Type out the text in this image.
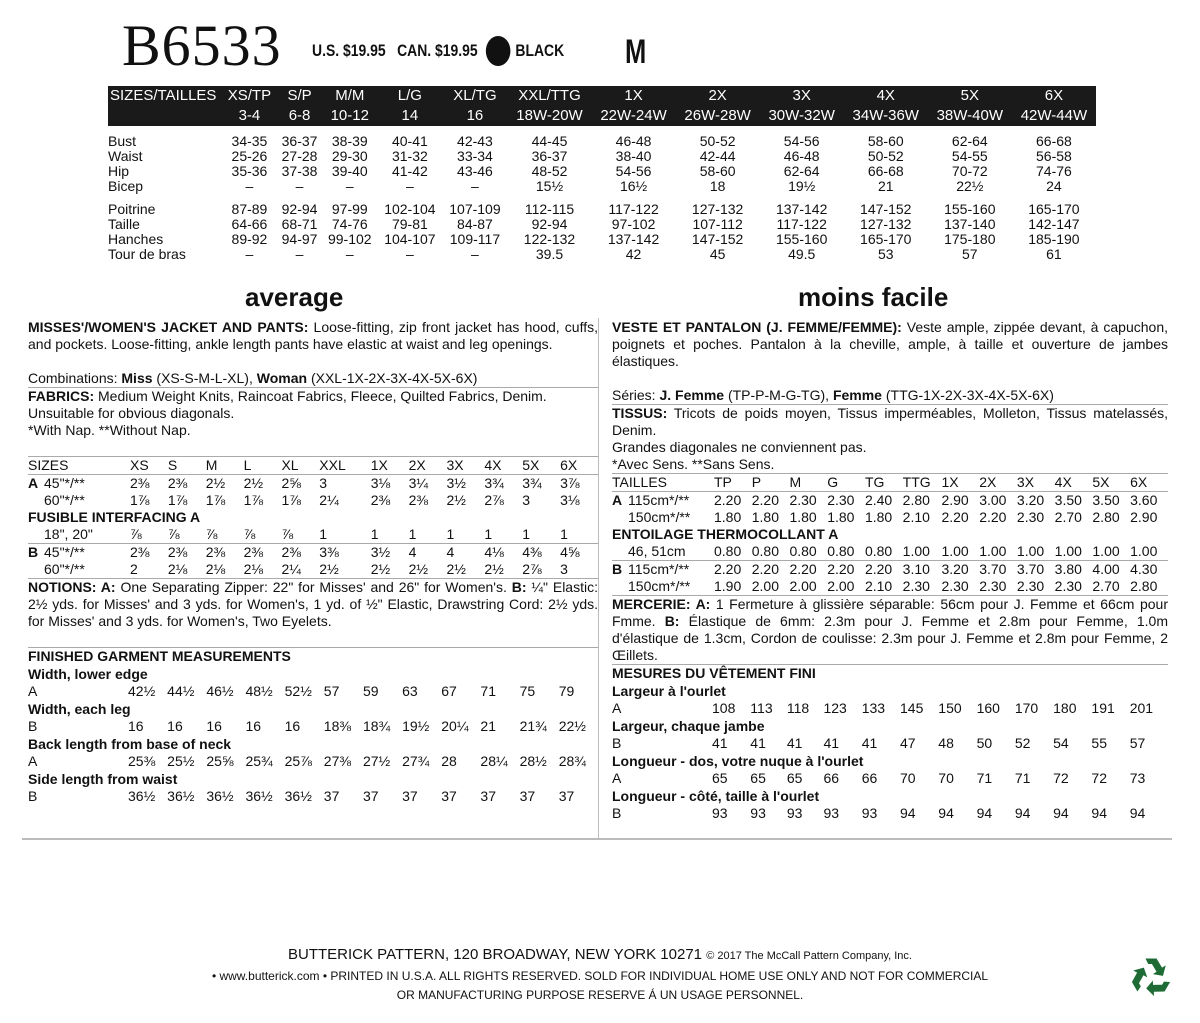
B6533 U.S. $19.95 CAN. $19.95 BLACK M
SIZES/TAILLES	XS/TP	S/P	M/M	L/G	XL/TG	XXL/TTG	1X	2X	3X	4X	5X	6X
	3-4	6-8	10-12	14	16	18W-20W	22W-24W	26W-28W	30W-32W	34W-36W	38W-40W	42W-44W

Bust	34-35	36-37	38-39	40-41	42-43	44-45	46-48	50-52	54-56	58-60	62-64	66-68
Waist	25-26	27-28	29-30	31-32	33-34	36-37	38-40	42-44	46-48	50-52	54-55	56-58
Hip	35-36	37-38	39-40	41-42	43-46	48-52	54-56	58-60	62-64	66-68	70-72	74-76
Bicep	–	–	–	–	–	15½	16½	18	19½	21	22½	24

Poitrine	87-89	92-94	97-99	102-104	107-109	112-115	117-122	127-132	137-142	147-152	155-160	165-170
Taille	64-66	68-71	74-76	79-81	84-87	92-94	97-102	107-112	117-122	127-132	137-140	142-147
Hanches	89-92	94-97	99-102	104-107	109-117	122-132	137-142	147-152	155-160	165-170	175-180	185-190
Tour de bras	–	–	–	–	–	39.5	42	45	49.5	53	57	61
average	moins facile

MISSES'/WOMEN'S JACKET AND PANTS: Loose-fitting, zip front jacket has hood, cuffs, and pockets. Loose-fitting, ankle length pants have elastic at waist and leg openings.

Combinations: Miss (XS-S-M-L-XL), Woman (XXL-1X-2X-3X-4X-5X-6X)

FABRICS: Medium Weight Knits, Raincoat Fabrics, Fleece, Quilted Fabrics, Denim.

Unsuitable for obvious diagonals.
*With Nap. **Without Nap.
SIZES		XS	S	M	L	XL	XXL	1X	2X	3X	4X	5X	6X
A	45"*/**	2⅜	2⅜	2½	2½	2⅝	3	3⅛	3¼	3½	3¾	3¾	3⅞
	60"*/**	1⅞	1⅞	1⅞	1⅞	1⅞	2¼	2⅜	2⅜	2½	2⅞	3	3⅛
FUSIBLE INTERFACING A													
	18", 20"	⅞	⅞	⅞	⅞	⅞	1	1	1	1	1	1	1
B	45"*/**	2⅜	2⅜	2⅜	2⅜	2⅜	3⅜	3½	4	4	4⅛	4⅜	4⅝
	60"*/**	2	2⅛	2⅛	2⅛	2¼	2½	2½	2½	2½	2½	2⅞	3

NOTIONS: A: One Separating Zipper: 22" for Misses' and 26" for Women's. B: ¼" Elastic: 2½ yds. for Misses' and 3 yds. for Women's, 1 yd. of ½" Elastic, Drawstring Cord: 2½ yds. for Misses' and 3 yds. for Women's, Two Eyelets.

FINISHED GARMENT MEASUREMENTS												
Width, lower edge												
A	42½	44½	46½	48½	52½	57	59	63	67	71	75	79
Width, each leg												
B	16	16	16	16	16	18⅜	18¾	19½	20¼	21	21¾	22½
Back length from base of neck												
A	25⅜	25½	25⅝	25¾	25⅞	27⅜	27½	27¾	28	28¼	28½	28¾
Side length from waist												
B	36½	36½	36½	36½	36½	37	37	37	37	37	37	37

VESTE ET PANTALON (J. FEMME/FEMME): Veste ample, zippée devant, à capuchon, poignets et poches. Pantalon à la cheville, ample, à taille et ouverture de jambes élastiques.

Séries: J. Femme (TP-P-M-G-TG), Femme (TTG-1X-2X-3X-4X-5X-6X)

TISSUS: Tricots de poids moyen, Tissus imperméables, Molleton, Tissus matelassés, Denim.

Grandes diagonales ne conviennent pas.
*Avec Sens. **Sans Sens.
TAILLES		TP	P	M	G	TG	TTG	1X	2X	3X	4X	5X	6X
A	115cm*/**	2.20	2.20	2.30	2.30	2.40	2.80	2.90	3.00	3.20	3.50	3.50	3.60
	150cm*/**	1.80	1.80	1.80	1.80	1.80	2.10	2.20	2.20	2.30	2.70	2.80	2.90
ENTOILAGE THERMOCOLLANT A													
	46, 51cm	0.80	0.80	0.80	0.80	0.80	1.00	1.00	1.00	1.00	1.00	1.00	1.00
B	115cm*/**	2.20	2.20	2.20	2.20	2.20	3.10	3.20	3.70	3.70	3.80	4.00	4.30
	150cm*/**	1.90	2.00	2.00	2.00	2.10	2.30	2.30	2.30	2.30	2.30	2.70	2.80

MERCERIE: A: 1 Fermeture à glissière séparable: 56cm pour J. Femme et 66cm pour Fmme. B: Élastique de 6mm: 2.3m pour J. Femme et 2.8m pour Femme, 1.0m d'élastique de 1.3cm, Cordon de coulisse: 2.3m pour J. Femme et 2.8m pour Femme, 2 Œillets.

MESURES DU VÊTEMENT FINI												
Largeur à l'ourlet												
A	108	113	118	123	133	145	150	160	170	180	191	201
Largeur, chaque jambe												
B	41	41	41	41	41	47	48	50	52	54	55	57
Longueur - dos, votre nuque à l'ourlet												
A	65	65	65	66	66	70	70	71	71	72	72	73
Longueur - côté, taille à l'ourlet												
B	93	93	93	93	93	94	94	94	94	94	94	94
BUTTERICK PATTERN, 120 BROADWAY, NEW YORK 10271 © 2017 The McCall Pattern Company, Inc.
• www.butterick.com • PRINTED IN U.S.A. ALL RIGHTS RESERVED. SOLD FOR INDIVIDUAL HOME USE ONLY AND NOT FOR COMMERCIAL
OR MANUFACTURING PURPOSE RESERVE Á UN USAGE PERSONNEL.
